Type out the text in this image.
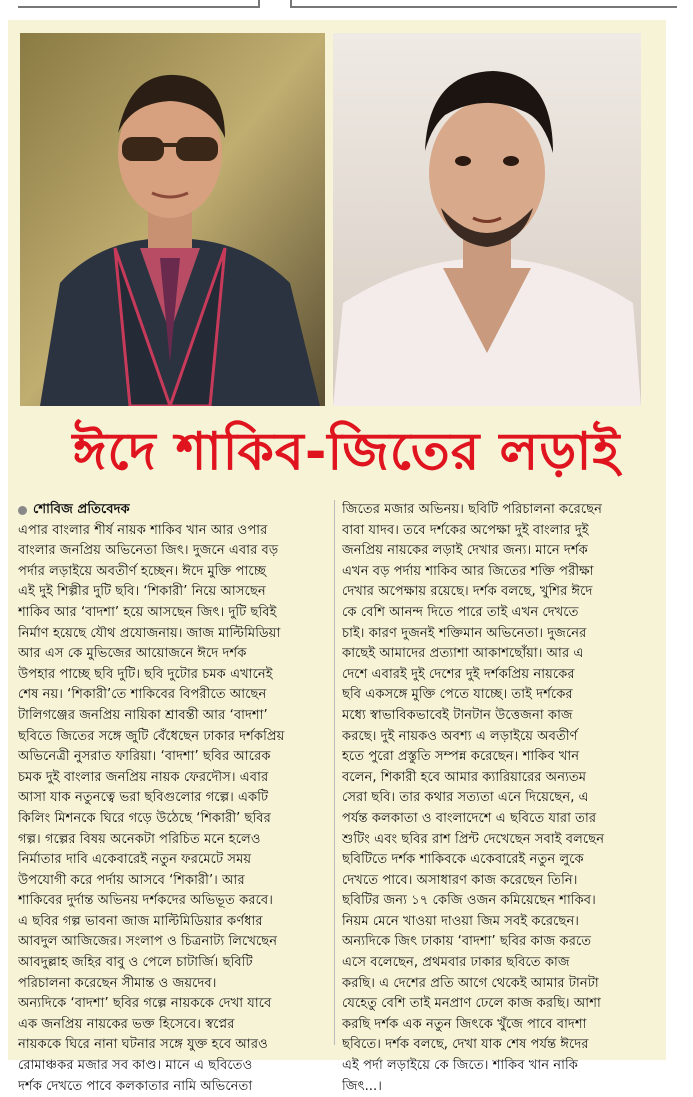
ঈদে শাকিব-জিতের লড়াই
শোবিজ প্রতিবেদক
এপার বাংলার শীর্ষ নায়ক শাকিব খান আর ওপার
বাংলার জনপ্রিয় অভিনেতা জিৎ। দুজনে এবার বড়
পর্দার লড়াইয়ে অবতীর্ণ হচ্ছেন। ঈদে মুক্তি পাচ্ছে
এই দুই শিল্পীর দুটি ছবি। ‘শিকারী’ নিয়ে আসছেন
শাকিব আর ‘বাদশা’ হয়ে আসছেন জিৎ। দুটি ছবিই
নির্মাণ হয়েছে যৌথ প্রযোজনায়। জাজ মাল্টিমিডিয়া
আর এস কে মুভিজের আয়োজনে ঈদে দর্শক
উপহার পাচ্ছে ছবি দুটি। ছবি দুটোর চমক এখানেই
শেষ নয়। ‘শিকারী’তে শাকিবের বিপরীতে আছেন
টালিগঞ্জের জনপ্রিয় নায়িকা শ্রাবন্তী আর ‘বাদশা’
ছবিতে জিতের সঙ্গে জুটি বেঁধেছেন ঢাকার দর্শকপ্রিয়
অভিনেত্রী নুসরাত ফারিয়া। ‘বাদশা’ ছবির আরেক
চমক দুই বাংলার জনপ্রিয় নায়ক ফেরদৌস। এবার
আসা যাক নতুনত্বে ভরা ছবিগুলোর গল্পে। একটি
কিলিং মিশনকে ঘিরে গড়ে উঠেছে ‘শিকারী’ ছবির
গল্প। গল্পের বিষয় অনেকটা পরিচিত মনে হলেও
নির্মাতার দাবি একেবারেই নতুন ফরমেটে সময়
উপযোগী করে পর্দায় আসবে ‘শিকারী’। আর
শাকিবের দুর্দান্ত অভিনয় দর্শকদের অভিভূত করবে।
এ ছবির গল্প ভাবনা জাজ মাল্টিমিডিয়ার কর্ণধার
আবদুল আজিজের। সংলাপ ও চিত্রনাট্য লিখেছেন
আবদুল্লাহ জহির বাবু ও পেলে চাটার্জি। ছবিটি
পরিচালনা করেছেন সীমান্ত ও জয়দেব।
অন্যদিকে ‘বাদশা’ ছবির গল্পে নায়ককে দেখা যাবে
এক জনপ্রিয় নায়কের ভক্ত হিসেবে। স্বপ্নের
নায়ককে ঘিরে নানা ঘটনার সঙ্গে যুক্ত হবে আরও
রোমাঞ্চকর মজার সব কাণ্ড। মানে এ ছবিতেও
দর্শক দেখতে পাবে কলকাতার নামি অভিনেতা
জিতের মজার অভিনয়। ছবিটি পরিচালনা করেছেন
বাবা যাদব। তবে দর্শকের অপেক্ষা দুই বাংলার দুই
জনপ্রিয় নায়কের লড়াই দেখার জন্য। মানে দর্শক
এখন বড় পর্দায় শাকিব আর জিতের শক্তি পরীক্ষা
দেখার অপেক্ষায় রয়েছে। দর্শক বলছে, খুশির ঈদে
কে বেশি আনন্দ দিতে পারে তাই এখন দেখতে
চাই। কারণ দুজনই শক্তিমান অভিনেতা। দুজনের
কাছেই আমাদের প্রত্যাশা আকাশছোঁয়া। আর এ
দেশে এবারই দুই দেশের দুই দর্শকপ্রিয় নায়কের
ছবি একসঙ্গে মুক্তি পেতে যাচ্ছে। তাই দর্শকের
মধ্যে স্বাভাবিকভাবেই টানটান উত্তেজনা কাজ
করছে। দুই নায়কও অবশ্য এ লড়াইয়ে অবতীর্ণ
হতে পুরো প্রস্তুতি সম্পন্ন করেছেন। শাকিব খান
বলেন, শিকারী হবে আমার ক্যারিয়ারের অন্যতম
সেরা ছবি। তার কথার সত্যতা এনে দিয়েছেন, এ
পর্যন্ত কলকাতা ও বাংলাদেশে এ ছবিতে যারা তার
শুটিং এবং ছবির রাশ প্রিন্ট দেখেছেন সবাই বলছেন
ছবিটিতে দর্শক শাকিবকে একেবারেই নতুন লুকে
দেখতে পাবে। অসাধারণ কাজ করেছেন তিনি।
ছবিটির জন্য ১৭ কেজি ওজন কমিয়েছেন শাকিব।
নিয়ম মেনে খাওয়া দাওয়া জিম সবই করেছেন।
অন্যদিকে জিৎ ঢাকায় ‘বাদশা’ ছবির কাজ করতে
এসে বলেছেন, প্রথমবার ঢাকার ছবিতে কাজ
করছি। এ দেশের প্রতি আগে থেকেই আমার টানটা
যেহেতু বেশি তাই মনপ্রাণ ঢেলে কাজ করছি। আশা
করছি দর্শক এক নতুন জিৎকে খুঁজে পাবে বাদশা
ছবিতে। দর্শক বলছে, দেখা যাক শেষ পর্যন্ত ঈদের
এই পর্দা লড়াইয়ে কে জিতে। শাকিব খান নাকি
জিৎ...।
